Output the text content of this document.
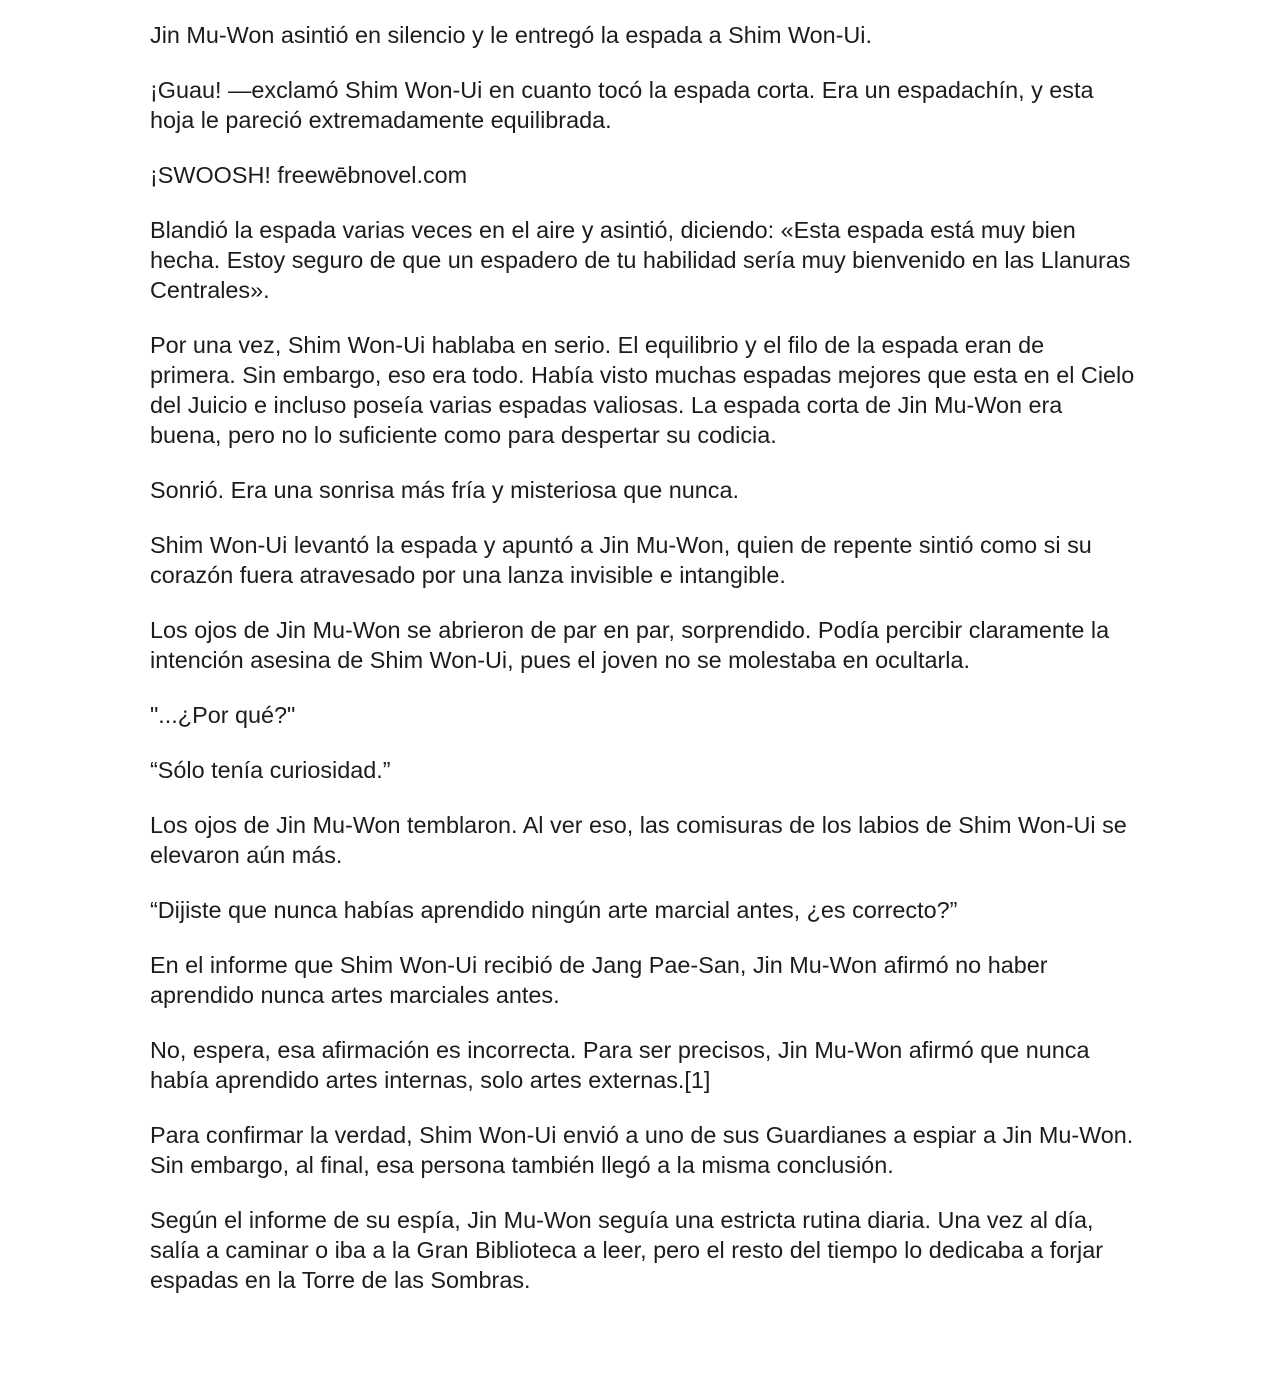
Jin Mu-Won asintió en silencio y le entregó la espada a Shim Won-Ui.

¡Guau! —exclamó Shim Won-Ui en cuanto tocó la espada corta. Era un espadachín, y esta hoja le pareció extremadamente equilibrada.

¡SWOOSH! freewēbnovel.com

Blandió la espada varias veces en el aire y asintió, diciendo: «Esta espada está muy bien hecha. Estoy seguro de que un espadero de tu habilidad sería muy bienvenido en las Llanuras Centrales».

Por una vez, Shim Won-Ui hablaba en serio. El equilibrio y el filo de la espada eran de primera. Sin embargo, eso era todo. Había visto muchas espadas mejores que esta en el Cielo del Juicio e incluso poseía varias espadas valiosas. La espada corta de Jin Mu-Won era buena, pero no lo suficiente como para despertar su codicia.

Sonrió. Era una sonrisa más fría y misteriosa que nunca.

Shim Won-Ui levantó la espada y apuntó a Jin Mu-Won, quien de repente sintió como si su corazón fuera atravesado por una lanza invisible e intangible.

Los ojos de Jin Mu-Won se abrieron de par en par, sorprendido. Podía percibir claramente la intención asesina de Shim Won-Ui, pues el joven no se molestaba en ocultarla.

"...¿Por qué?"

“Sólo tenía curiosidad.”

Los ojos de Jin Mu-Won temblaron. Al ver eso, las comisuras de los labios de Shim Won-Ui se elevaron aún más.

“Dijiste que nunca habías aprendido ningún arte marcial antes, ¿es correcto?”

En el informe que Shim Won-Ui recibió de Jang Pae-San, Jin Mu-Won afirmó no haber aprendido nunca artes marciales antes.

No, espera, esa afirmación es incorrecta. Para ser precisos, Jin Mu-Won afirmó que nunca había aprendido artes internas, solo artes externas.[1]

Para confirmar la verdad, Shim Won-Ui envió a uno de sus Guardianes a espiar a Jin Mu-Won. Sin embargo, al final, esa persona también llegó a la misma conclusión.

Según el informe de su espía, Jin Mu-Won seguía una estricta rutina diaria. Una vez al día, salía a caminar o iba a la Gran Biblioteca a leer, pero el resto del tiempo lo dedicaba a forjar espadas en la Torre de las Sombras.
